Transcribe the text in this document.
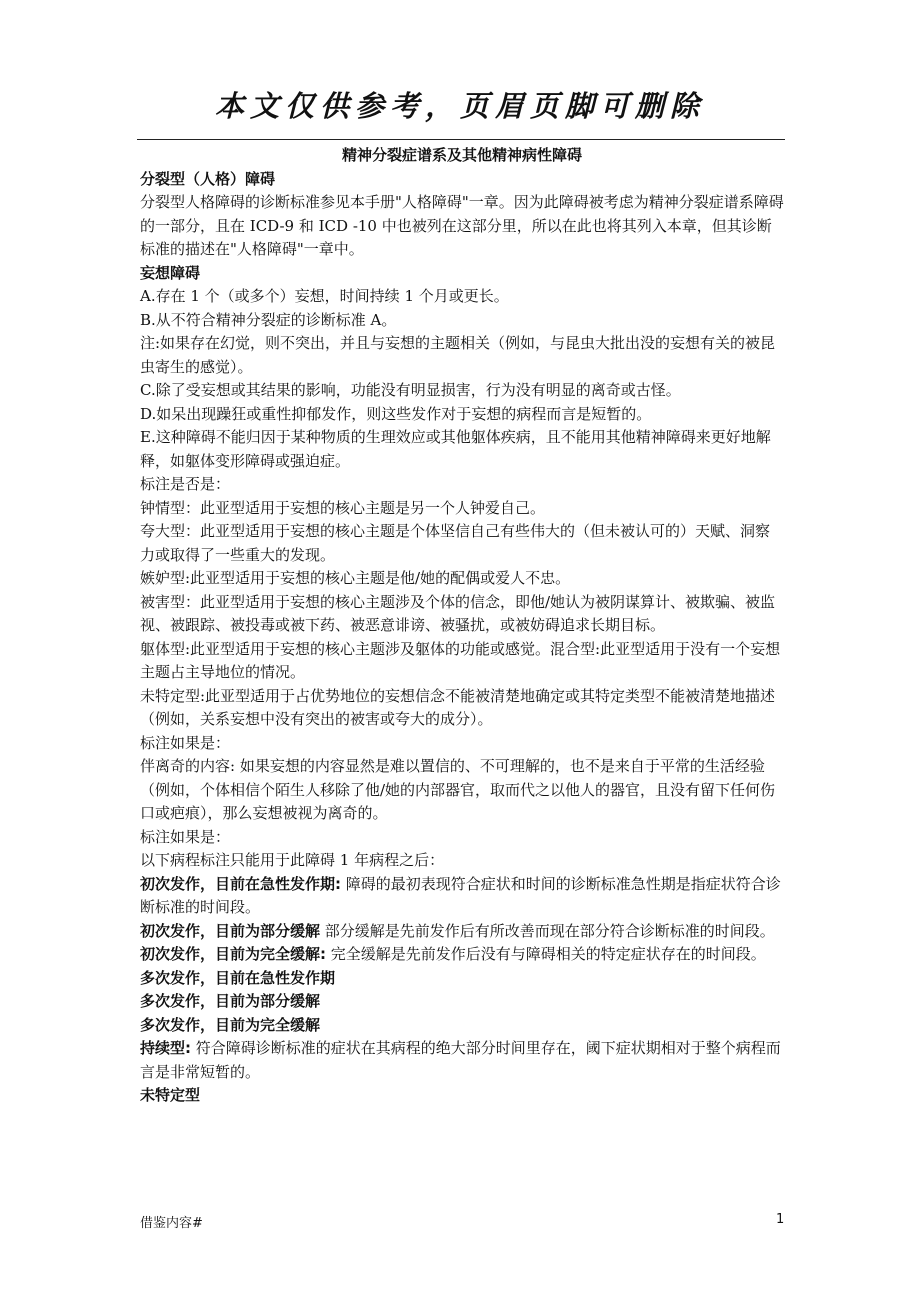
本文仅供参考，页眉页脚可删除

精神分裂症谱系及其他精神病性障碍

分裂型（人格）障碍

分裂型人格障碍的诊断标准参见本手册"人格障碍"一章。因为此障碍被考虑为精神分裂症谱系障碍的一部分，且在 ICD-9 和 ICD -10 中也被列在这部分里，所以在此也将其列入本章，但其诊断标准的描述在"人格障碍"一章中。

妄想障碍

A.存在 1 个（或多个）妄想，时间持续 1 个月或更长。

B.从不符合精神分裂症的诊断标准 A。

注:如果存在幻觉，则不突出，并且与妄想的主题相关（例如，与昆虫大批出没的妄想有关的被昆虫寄生的感觉）。

C.除了受妄想或其结果的影响，功能没有明显损害，行为没有明显的离奇或古怪。

D.如呆出现躁狂或重性抑郁发作，则这些发作对于妄想的病程而言是短暂的。

E.这种障碍不能归因于某种物质的生理效应或其他躯体疾病，且不能用其他精神障碍来更好地解释，如躯体变形障碍或强迫症。

标注是否是：

钟情型：此亚型适用于妄想的核心主题是另一个人钟爱自己。

夸大型：此亚型适用于妄想的核心主题是个体坚信自己有些伟大的（但未被认可的）天赋、洞察力或取得了一些重大的发现。

嫉妒型:此亚型适用于妄想的核心主题是他/她的配偶或爱人不忠。

被害型：此亚型适用于妄想的核心主题涉及个体的信念，即他/她认为被阴谋算计、被欺骗、被监视、被跟踪、被投毒或被下药、被恶意诽谤、被骚扰，或被妨碍追求长期目标。

躯体型:此亚型适用于妄想的核心主题涉及躯体的功能或感觉。混合型:此亚型适用于没有一个妄想主题占主导地位的情况。

未特定型:此亚型适用于占优势地位的妄想信念不能被清楚地确定或其特定类型不能被清楚地描述（例如，关系妄想中没有突出的被害或夸大的成分）。

标注如果是：

伴离奇的内容: 如果妄想的内容显然是难以置信的、不可理解的，也不是来自于平常的生活经验（例如，个体相信个陌生人移除了他/她的内部器官，取而代之以他人的器官，且没有留下任何伤口或疤痕），那么妄想被视为离奇的。

标注如果是：

以下病程标注只能用于此障碍 1 年病程之后：

初次发作，目前在急性发作期: 障碍的最初表现符合症状和时间的诊断标准急性期是指症状符合诊断标准的时间段。

初次发作，目前为部分缓解 部分缓解是先前发作后有所改善而现在部分符合诊断标准的时间段。

初次发作，目前为完全缓解: 完全缓解是先前发作后没有与障碍相关的特定症状存在的时间段。

多次发作，目前在急性发作期

多次发作，目前为部分缓解

多次发作，目前为完全缓解

持续型: 符合障碍诊断标准的症状在其病程的绝大部分时间里存在，阈下症状期相对于整个病程而言是非常短暂的。

未特定型

借鉴内容#	1
